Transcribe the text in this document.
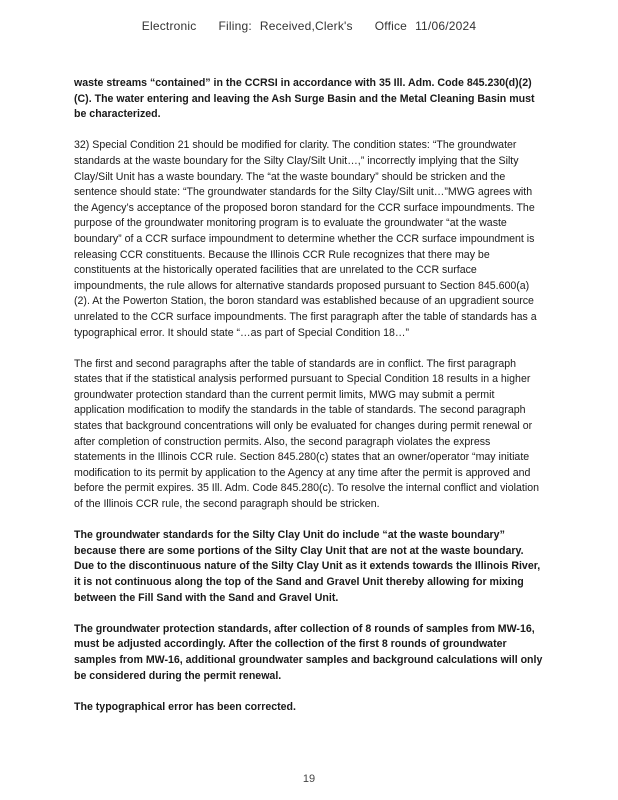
Electronic Filing: Received,Clerk's Office 11/06/2024

waste streams “contained” in the CCRSI in accordance with 35 Ill. Adm. Code 845.230(d)(2)(C). The water entering and leaving the Ash Surge Basin and the Metal Cleaning Basin must be characterized.

32) Special Condition 21 should be modified for clarity. The condition states: “The groundwater standards at the waste boundary for the Silty Clay/Silt Unit…,” incorrectly implying that the Silty Clay/Silt Unit has a waste boundary. The “at the waste boundary” should be stricken and the sentence should state: “The groundwater standards for the Silty Clay/Silt unit…”MWG agrees with the Agency’s acceptance of the proposed boron standard for the CCR surface impoundments. The purpose of the groundwater monitoring program is to evaluate the groundwater “at the waste boundary” of a CCR surface impoundment to determine whether the CCR surface impoundment is releasing CCR constituents. Because the Illinois CCR Rule recognizes that there may be constituents at the historically operated facilities that are unrelated to the CCR surface impoundments, the rule allows for alternative standards proposed pursuant to Section 845.600(a)(2). At the Powerton Station, the boron standard was established because of an upgradient source unrelated to the CCR surface impoundments. The first paragraph after the table of standards has a typographical error. It should state “…as part of Special Condition 18…”

The first and second paragraphs after the table of standards are in conflict. The first paragraph states that if the statistical analysis performed pursuant to Special Condition 18 results in a higher groundwater protection standard than the current permit limits, MWG may submit a permit application modification to modify the standards in the table of standards. The second paragraph states that background concentrations will only be evaluated for changes during permit renewal or after completion of construction permits. Also, the second paragraph violates the express statements in the Illinois CCR rule. Section 845.280(c) states that an owner/operator “may initiate modification to its permit by application to the Agency at any time after the permit is approved and before the permit expires. 35 Ill. Adm. Code 845.280(c). To resolve the internal conflict and violation of the Illinois CCR rule, the second paragraph should be stricken.

The groundwater standards for the Silty Clay Unit do include “at the waste boundary” because there are some portions of the Silty Clay Unit that are not at the waste boundary. Due to the discontinuous nature of the Silty Clay Unit as it extends towards the Illinois River, it is not continuous along the top of the Sand and Gravel Unit thereby allowing for mixing between the Fill Sand with the Sand and Gravel Unit.

The groundwater protection standards, after collection of 8 rounds of samples from MW-16, must be adjusted accordingly. After the collection of the first 8 rounds of groundwater samples from MW-16, additional groundwater samples and background calculations will only be considered during the permit renewal.

The typographical error has been corrected.

19
